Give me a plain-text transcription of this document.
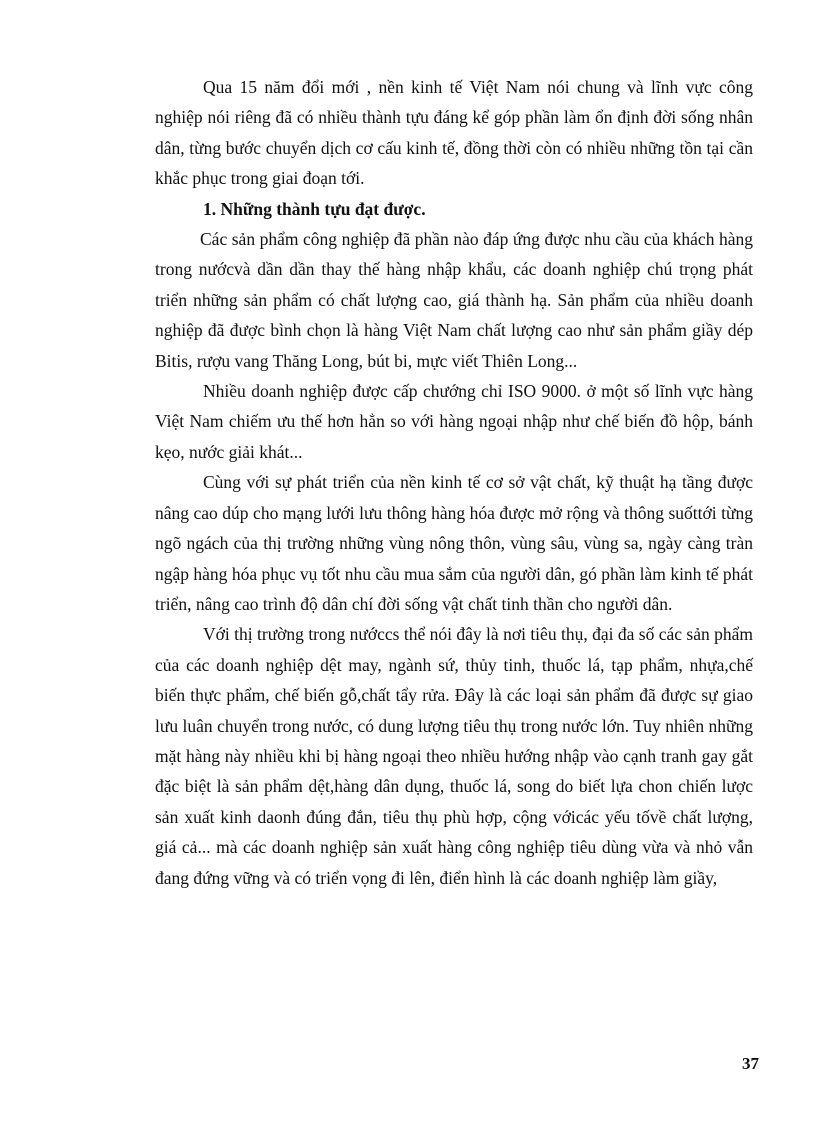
Qua 15 năm đổi mới , nền kinh tế Việt Nam nói chung và lĩnh vực công nghiệp nói riêng đã có nhiều thành tựu đáng kể góp phần làm ổn định đời sống nhân dân, từng bước chuyển dịch cơ cấu kinh tế, đồng thời còn có nhiều những tồn tại cần khắc phục trong giai đoạn tới.

1. Những thành tựu đạt được.

Các sản phẩm công nghiệp đã phần nào đáp ứng được nhu cầu của khách hàng trong nướcvà dần dần thay thế hàng nhập khẩu, các doanh nghiệp chú trọng phát triển những sản phẩm có chất lượng cao, giá thành hạ. Sản phẩm của nhiều doanh nghiệp đã được bình chọn là hàng Việt Nam chất lượng cao như sản phẩm giầy dép Bitis, rượu vang Thăng Long, bút bi, mực viết Thiên Long...

Nhiều doanh nghiệp được cấp chướng chỉ ISO 9000. ở một số lĩnh vực hàng Việt Nam chiếm ưu thế hơn hẳn so với hàng ngoại nhập như chế biến đồ hộp, bánh kẹo, nước giải khát...

Cùng với sự phát triển của nền kinh tế cơ sở vật chất, kỹ thuật hạ tầng được nâng cao dúp cho mạng lưới lưu thông hàng hóa được mở rộng và thông suốttới từng ngõ ngách của thị trường những vùng nông thôn, vùng sâu, vùng sa, ngày càng tràn ngập hàng hóa phục vụ tốt nhu cầu mua sắm của người dân, gó phần làm kinh tế phát triển, nâng cao trình độ dân chí đời sống vật chất tinh thần cho người dân.

Với thị trường trong nướccs thể nói đây là nơi tiêu thụ, đại đa số các sản phẩm của các doanh nghiệp dệt may, ngành sứ, thủy tinh, thuốc lá, tạp phẩm, nhựa,chế biến thực phẩm, chế biến gỗ,chất tẩy rửa. Đây là các loại sản phẩm đã được sự giao lưu luân chuyển trong nước, có dung lượng tiêu thụ trong nước lớn. Tuy nhiên những mặt hàng này nhiều khi bị hàng ngoại theo nhiều hướng nhập vào cạnh tranh gay gắt đặc biệt là sản phẩm dệt,hàng dân dụng, thuốc lá, song do biết lựa chon chiến lược sản xuất kinh daonh đúng đắn, tiêu thụ phù hợp, cộng vớicác yếu tốvề chất lượng, giá cả... mà các doanh nghiệp sản xuất hàng công nghiệp tiêu dùng vừa và nhỏ vẫn đang đứng vững và có triển vọng đi lên, điển hình là các doanh nghiệp làm giầy,

37
